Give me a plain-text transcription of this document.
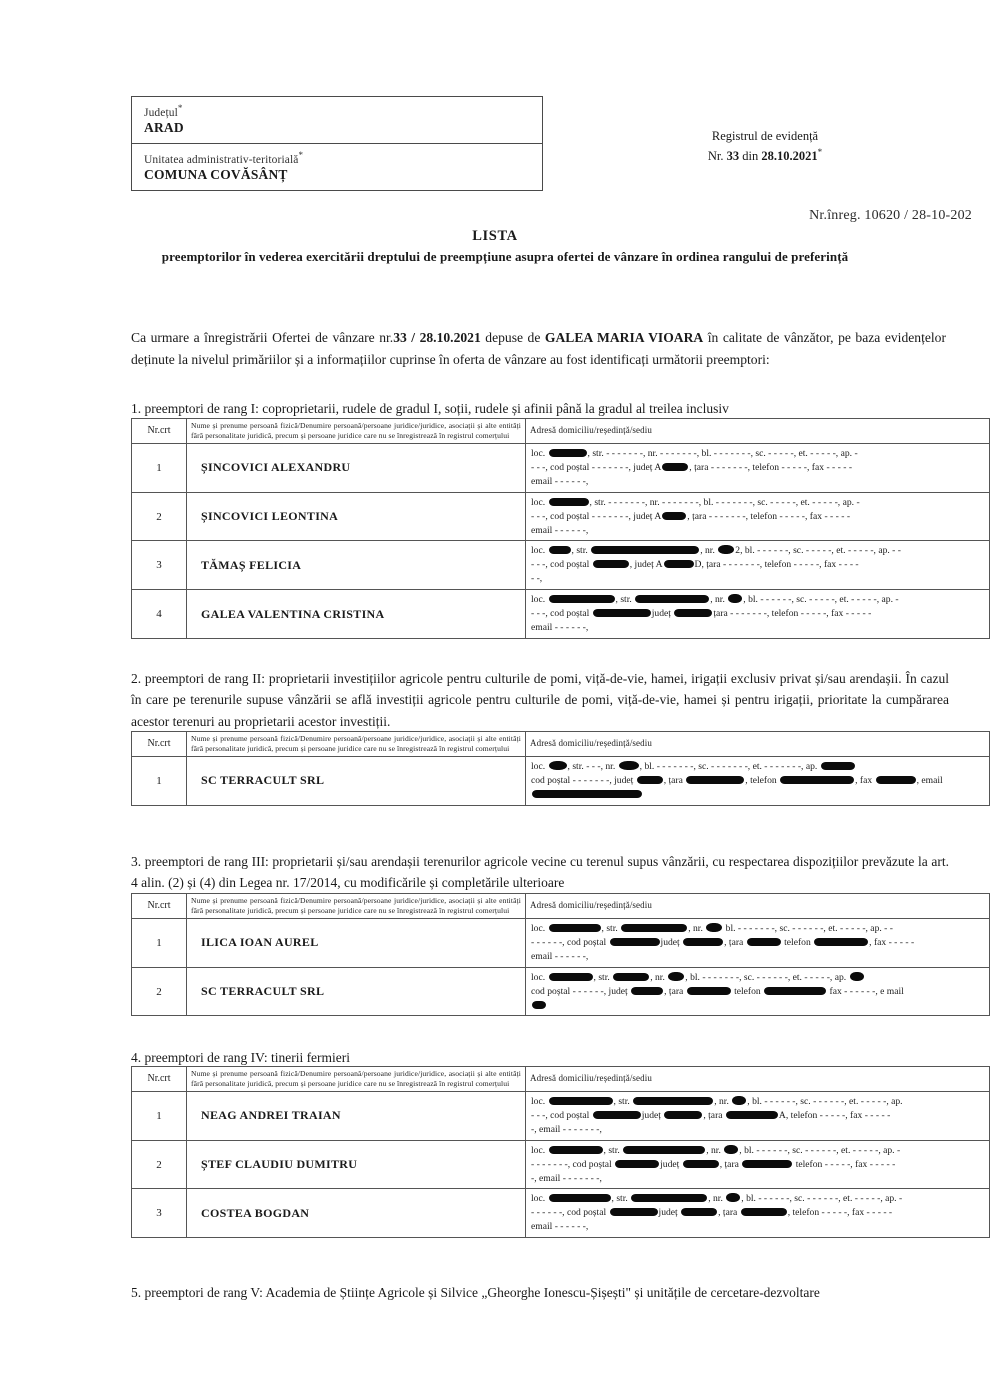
Județul*
ARAD
Unitatea administrativ-teritorială*
COMUNA COVĂSÂNȚ
Registrul de evidență
Nr. 33 din 28.10.2021*
Nr.înreg. 10620 / 28-10-202
LISTA
preemptorilor în vederea exercitării dreptului de preempțiune asupra ofertei de vânzare în ordinea rangului de preferință
Ca urmare a înregistrării Ofertei de vânzare nr.33 / 28.10.2021 depuse de GALEA MARIA VIOARA în calitate de vânzător, pe baza evidențelor deținute la nivelul primăriilor și a informațiilor cuprinse în oferta de vânzare au fost identificați următorii preemptori:
1. preemptori de rang I: coproprietarii, rudele de gradul I, soții, rudele și afinii până la gradul al treilea inclusiv
Nr.crt	Nume și prenume persoană fizică/Denumire persoană/persoane juridice/juridice, asociații și alte entități fără personalitate juridică, precum și persoane juridice care nu se înregistrează în registrul comerțului	Adresă domiciliu/reședință/sediu
1	ȘINCOVICI ALEXANDRU	loc. , str. - - - - - - -, nr. - - - - - - -, bl. - - - - - - -, sc. - - - - -, et. - - - - -, ap. -
- - -, cod poștal - - - - - - -, județ A , țara - - - - - - -, telefon - - - - -, fax - - - - -
email - - - - - -,

2	ȘINCOVICI LEONTINA	loc. , str. - - - - - - -, nr. - - - - - - -, bl. - - - - - - -, sc. - - - - -, et. - - - - -, ap. -
- - -, cod poștal - - - - - - -, județ A , țara - - - - - - -, telefon - - - - -, fax - - - - -
email - - - - - -,

3	TĂMAȘ FELICIA	loc. , str. , nr. 2, bl. - - - - - -, sc. - - - - -, et. - - - - -, ap. - -
- - -, cod poștal , județ A D, țara - - - - - - -, telefon - - - - -, fax - - - -
- -,

4	GALEA VALENTINA CRISTINA	loc. , str. , nr. , bl. - - - - - -, sc. - - - - -, et. - - - - -, ap. -
- - -, cod poștal județ țara - - - - - - -, telefon - - - - -, fax - - - - -
email - - - - - -,
2. preemptori de rang II: proprietarii investițiilor agricole pentru culturile de pomi, viță-de-vie, hamei, irigații exclusiv privat și/sau arendașii. În cazul în care pe terenurile supuse vânzării se află investiții agricole pentru culturile de pomi, viță-de-vie, hamei și pentru irigații, prioritate la cumpărarea acestor terenuri au proprietarii acestor investiții.
Nr.crt	Nume și prenume persoană fizică/Denumire persoană/persoane juridice/juridice, asociații și alte entități fără personalitate juridică, precum și persoane juridice care nu se înregistrează în registrul comerțului	Adresă domiciliu/reședință/sediu
1	SC TERRACULT SRL	loc. , str. - - -, nr. , bl. - - - - - - -, sc. - - - - - - -, et. - - - - - - -, ap.
cod poștal - - - - - - -, județ , țara , telefon , fax , email
3. preemptori de rang III: proprietarii și/sau arendașii terenurilor agricole vecine cu terenul supus vânzării, cu respectarea dispozițiilor prevăzute la art. 4 alin. (2) și (4) din Legea nr. 17/2014, cu modificările și completările ulterioare
Nr.crt	Nume și prenume persoană fizică/Denumire persoană/persoane juridice/juridice, asociații și alte entități fără personalitate juridică, precum și persoane juridice care nu se înregistrează în registrul comerțului	Adresă domiciliu/reședință/sediu
1	ILICA IOAN AUREL	loc. , str. , nr.  bl. - - - - - - -, sc. - - - - - -, et. - - - - -, ap. - -
- - - - - -, cod poștal județ , țara telefon , fax - - - - -
email - - - - - -,

2	SC TERRACULT SRL	loc. , str. , nr. , bl. - - - - - - -, sc. - - - - - -, et. - - - - -, ap.
cod poștal - - - - - -, județ , țara telefon fax - - - - - -, e mail
4. preemptori de rang IV: tinerii fermieri
Nr.crt	Nume și prenume persoană fizică/Denumire persoană/persoane juridice/juridice, asociații și alte entități fără personalitate juridică, precum și persoane juridice care nu se înregistrează în registrul comerțului	Adresă domiciliu/reședință/sediu
1	NEAG ANDREI TRAIAN	loc. , str. , nr. , bl. - - - - - -, sc. - - - - - -, et. - - - - -, ap.
- - -, cod poștal județ , țara A, telefon - - - - -, fax - - - - -
-, email - - - - - - -,

2	ȘTEF CLAUDIU DUMITRU	loc. , str. , nr. , bl. - - - - - -, sc. - - - - - -, et. - - - - -, ap. -
- - - - - - -, cod poștal județ , țara telefon - - - - -, fax - - - - -
-, email - - - - - - -,

3	COSTEA BOGDAN	loc. , str. , nr. , bl. - - - - - -, sc. - - - - - -, et. - - - - -, ap. -
- - - - - -, cod poștal județ , țara , telefon - - - - -, fax - - - - -
email - - - - - -,
5. preemptori de rang V: Academia de Științe Agricole și Silvice „Gheorghe Ionescu-Șișești" și unitățile de cercetare-dezvoltare
